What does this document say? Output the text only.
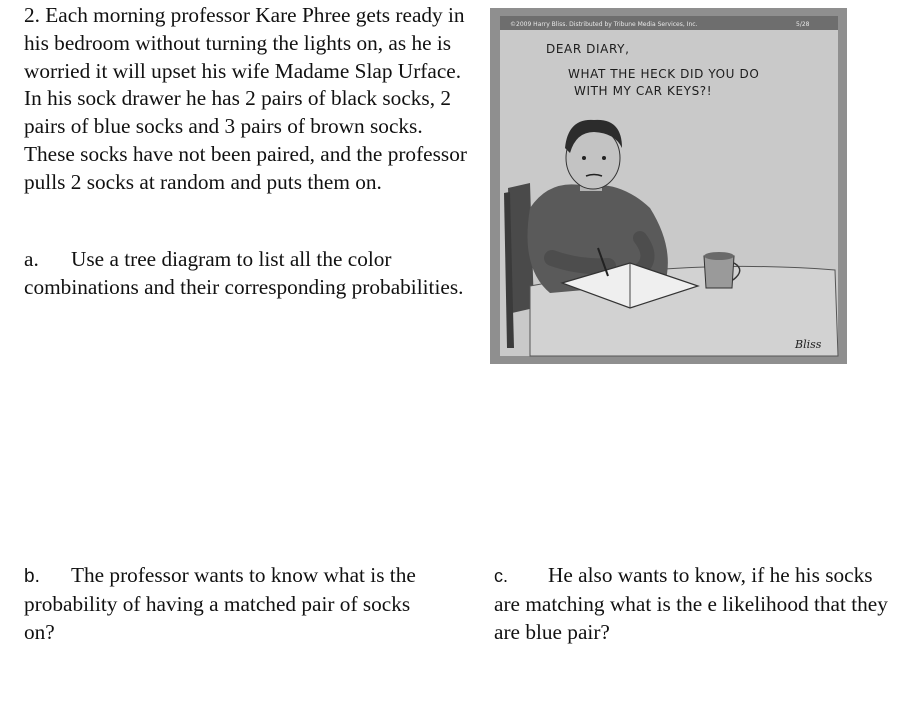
2. Each morning professor Kare Phree gets ready in his bedroom without turning the lights on, as he is worried it will upset his wife Madame Slap Urface. In his sock drawer he has 2 pairs of black socks, 2 pairs of blue socks and 3 pairs of brown socks. These socks have not been paired, and the professor pulls 2 socks at random and puts them on.

a. Use a tree diagram to list all the color combinations and their corresponding probabilities.

b. The professor wants to know what is the probability of having a matched pair of socks on?

c. He also wants to know, if he his socks are matching what is the e likelihood that they are blue pair?

©2009 Harry Bliss. Distributed by Tribune Media Services, Inc.	5/28
DEAR DIARY,
WHAT THE HECK DID YOU DO
WITH MY CAR KEYS?!
Bliss
